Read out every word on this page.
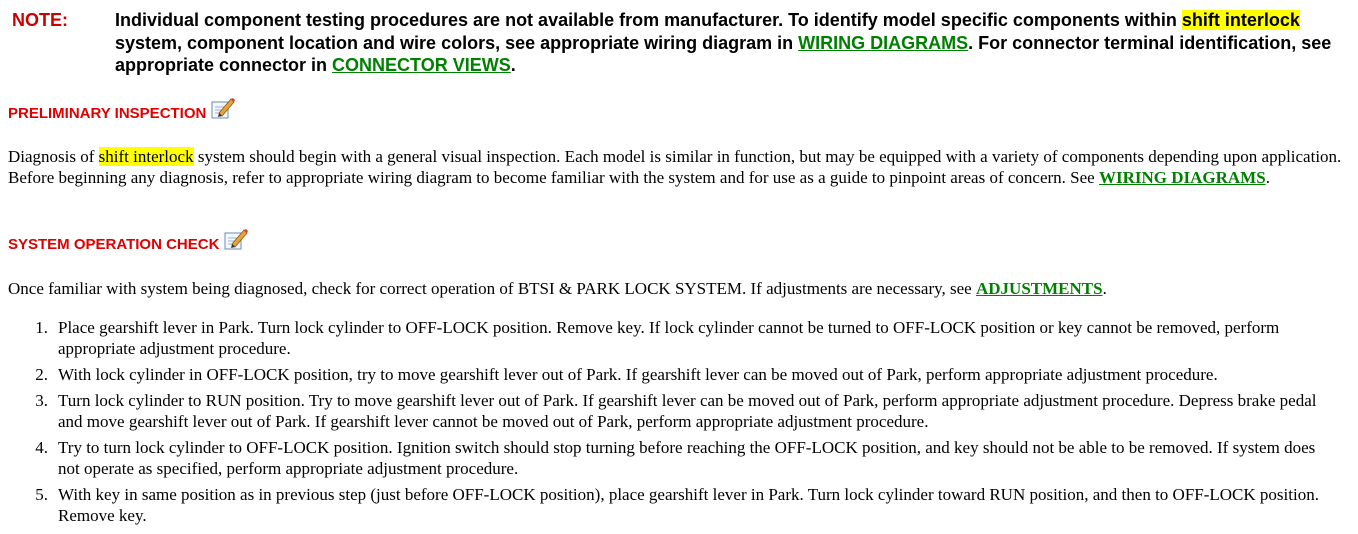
NOTE:	Individual component testing procedures are not available from manufacturer. To identify model specific components within shift interlock system, component location and wire colors, see appropriate wiring diagram in WIRING DIAGRAMS. For connector terminal identification, see appropriate connector in CONNECTOR VIEWS.
PRELIMINARY INSPECTION
Diagnosis of shift interlock system should begin with a general visual inspection. Each model is similar in function, but may be equipped with a variety of components depending upon application. Before beginning any diagnosis, refer to appropriate wiring diagram to become familiar with the system and for use as a guide to pinpoint areas of concern. See WIRING DIAGRAMS.
SYSTEM OPERATION CHECK
Once familiar with system being diagnosed, check for correct operation of BTSI & PARK LOCK SYSTEM. If adjustments are necessary, see ADJUSTMENTS.
1. Place gearshift lever in Park. Turn lock cylinder to OFF-LOCK position. Remove key. If lock cylinder cannot be turned to OFF-LOCK position or key cannot be removed, perform appropriate adjustment procedure.
2. With lock cylinder in OFF-LOCK position, try to move gearshift lever out of Park. If gearshift lever can be moved out of Park, perform appropriate adjustment procedure.
3. Turn lock cylinder to RUN position. Try to move gearshift lever out of Park. If gearshift lever can be moved out of Park, perform appropriate adjustment procedure. Depress brake pedal and move gearshift lever out of Park. If gearshift lever cannot be moved out of Park, perform appropriate adjustment procedure.
4. Try to turn lock cylinder to OFF-LOCK position. Ignition switch should stop turning before reaching the OFF-LOCK position, and key should not be able to be removed. If system does not operate as specified, perform appropriate adjustment procedure.
5. With key in same position as in previous step (just before OFF-LOCK position), place gearshift lever in Park. Turn lock cylinder toward RUN position, and then to OFF-LOCK position. Remove key.
